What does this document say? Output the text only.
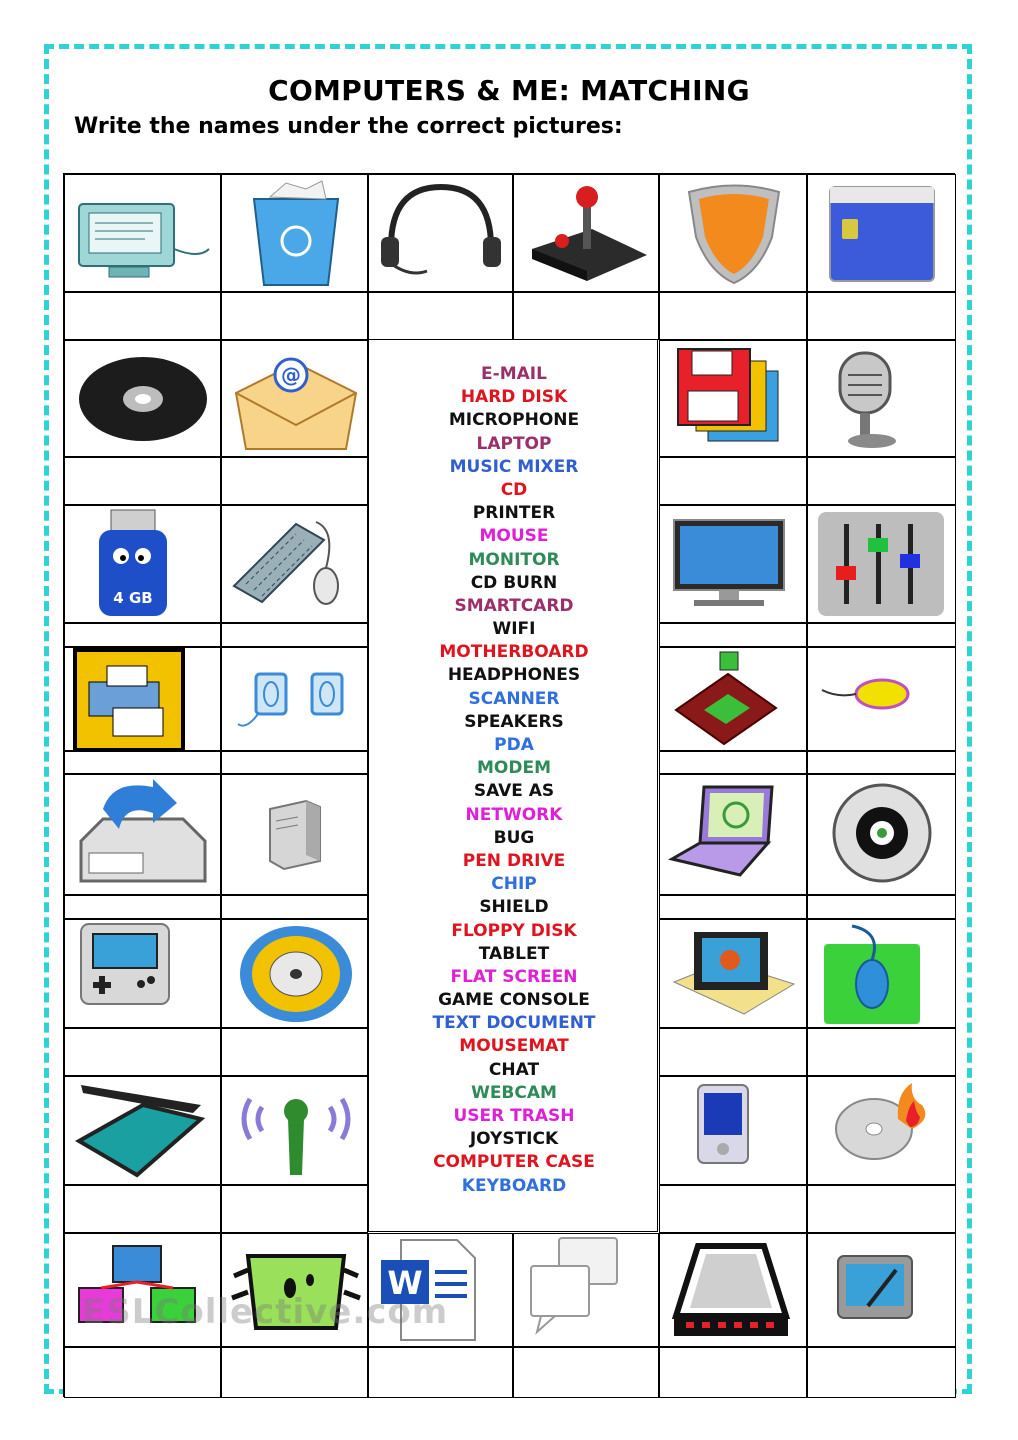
COMPUTERS & ME: MATCHING
Write the names under the correct pictures:
@
4 GB
W
E-MAIL
HARD DISK
MICROPHONE
LAPTOP
MUSIC MIXER
CD
PRINTER
MOUSE
MONITOR
CD BURN
SMARTCARD
WIFI
MOTHERBOARD
HEADPHONES
SCANNER
SPEAKERS
PDA
MODEM
SAVE AS
NETWORK
BUG
PEN DRIVE
CHIP
SHIELD
FLOPPY DISK
TABLET
FLAT SCREEN
GAME CONSOLE
TEXT DOCUMENT
MOUSEMAT
CHAT
WEBCAM
USER TRASH
JOYSTICK
COMPUTER CASE
KEYBOARD
ESLCollective.com
